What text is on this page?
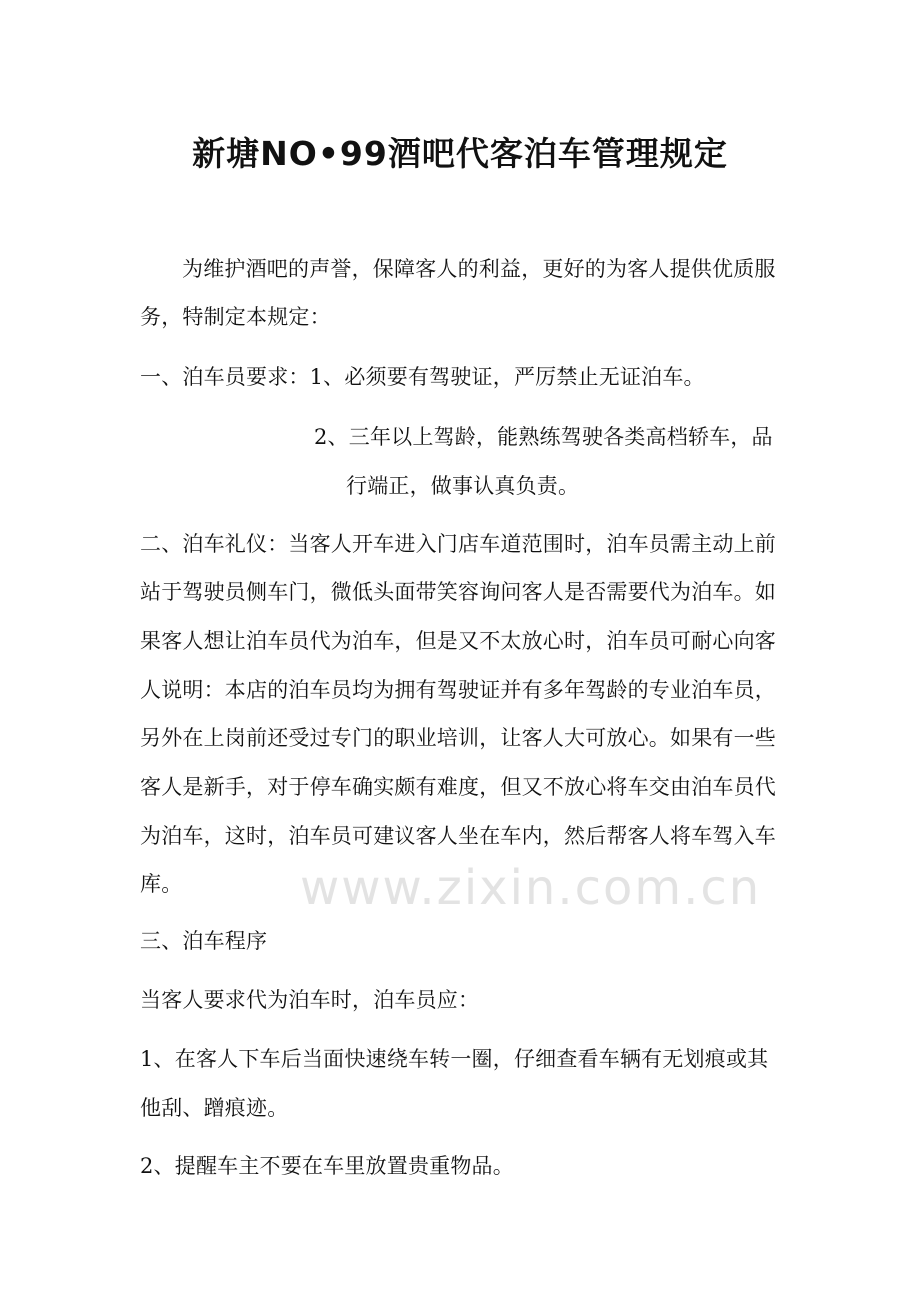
www.zixin.com.cn
新塘NO•99酒吧代客泊车管理规定
为维护酒吧的声誉，保障客人的利益，更好的为客人提供优质服
务，特制定本规定：
一、泊车员要求：1、必须要有驾驶证，严厉禁止无证泊车。
2、三年以上驾龄，能熟练驾驶各类高档轿车，品
行端正，做事认真负责。
二、泊车礼仪：当客人开车进入门店车道范围时，泊车员需主动上前
站于驾驶员侧车门，微低头面带笑容询问客人是否需要代为泊车。如
果客人想让泊车员代为泊车，但是又不太放心时，泊车员可耐心向客
人说明：本店的泊车员均为拥有驾驶证并有多年驾龄的专业泊车员，
另外在上岗前还受过专门的职业培训，让客人大可放心。如果有一些
客人是新手，对于停车确实颇有难度，但又不放心将车交由泊车员代
为泊车，这时，泊车员可建议客人坐在车内，然后帮客人将车驾入车
库。
三、泊车程序
当客人要求代为泊车时，泊车员应：
1、在客人下车后当面快速绕车转一圈，仔细查看车辆有无划痕或其
他刮、蹭痕迹。
2、提醒车主不要在车里放置贵重物品。
